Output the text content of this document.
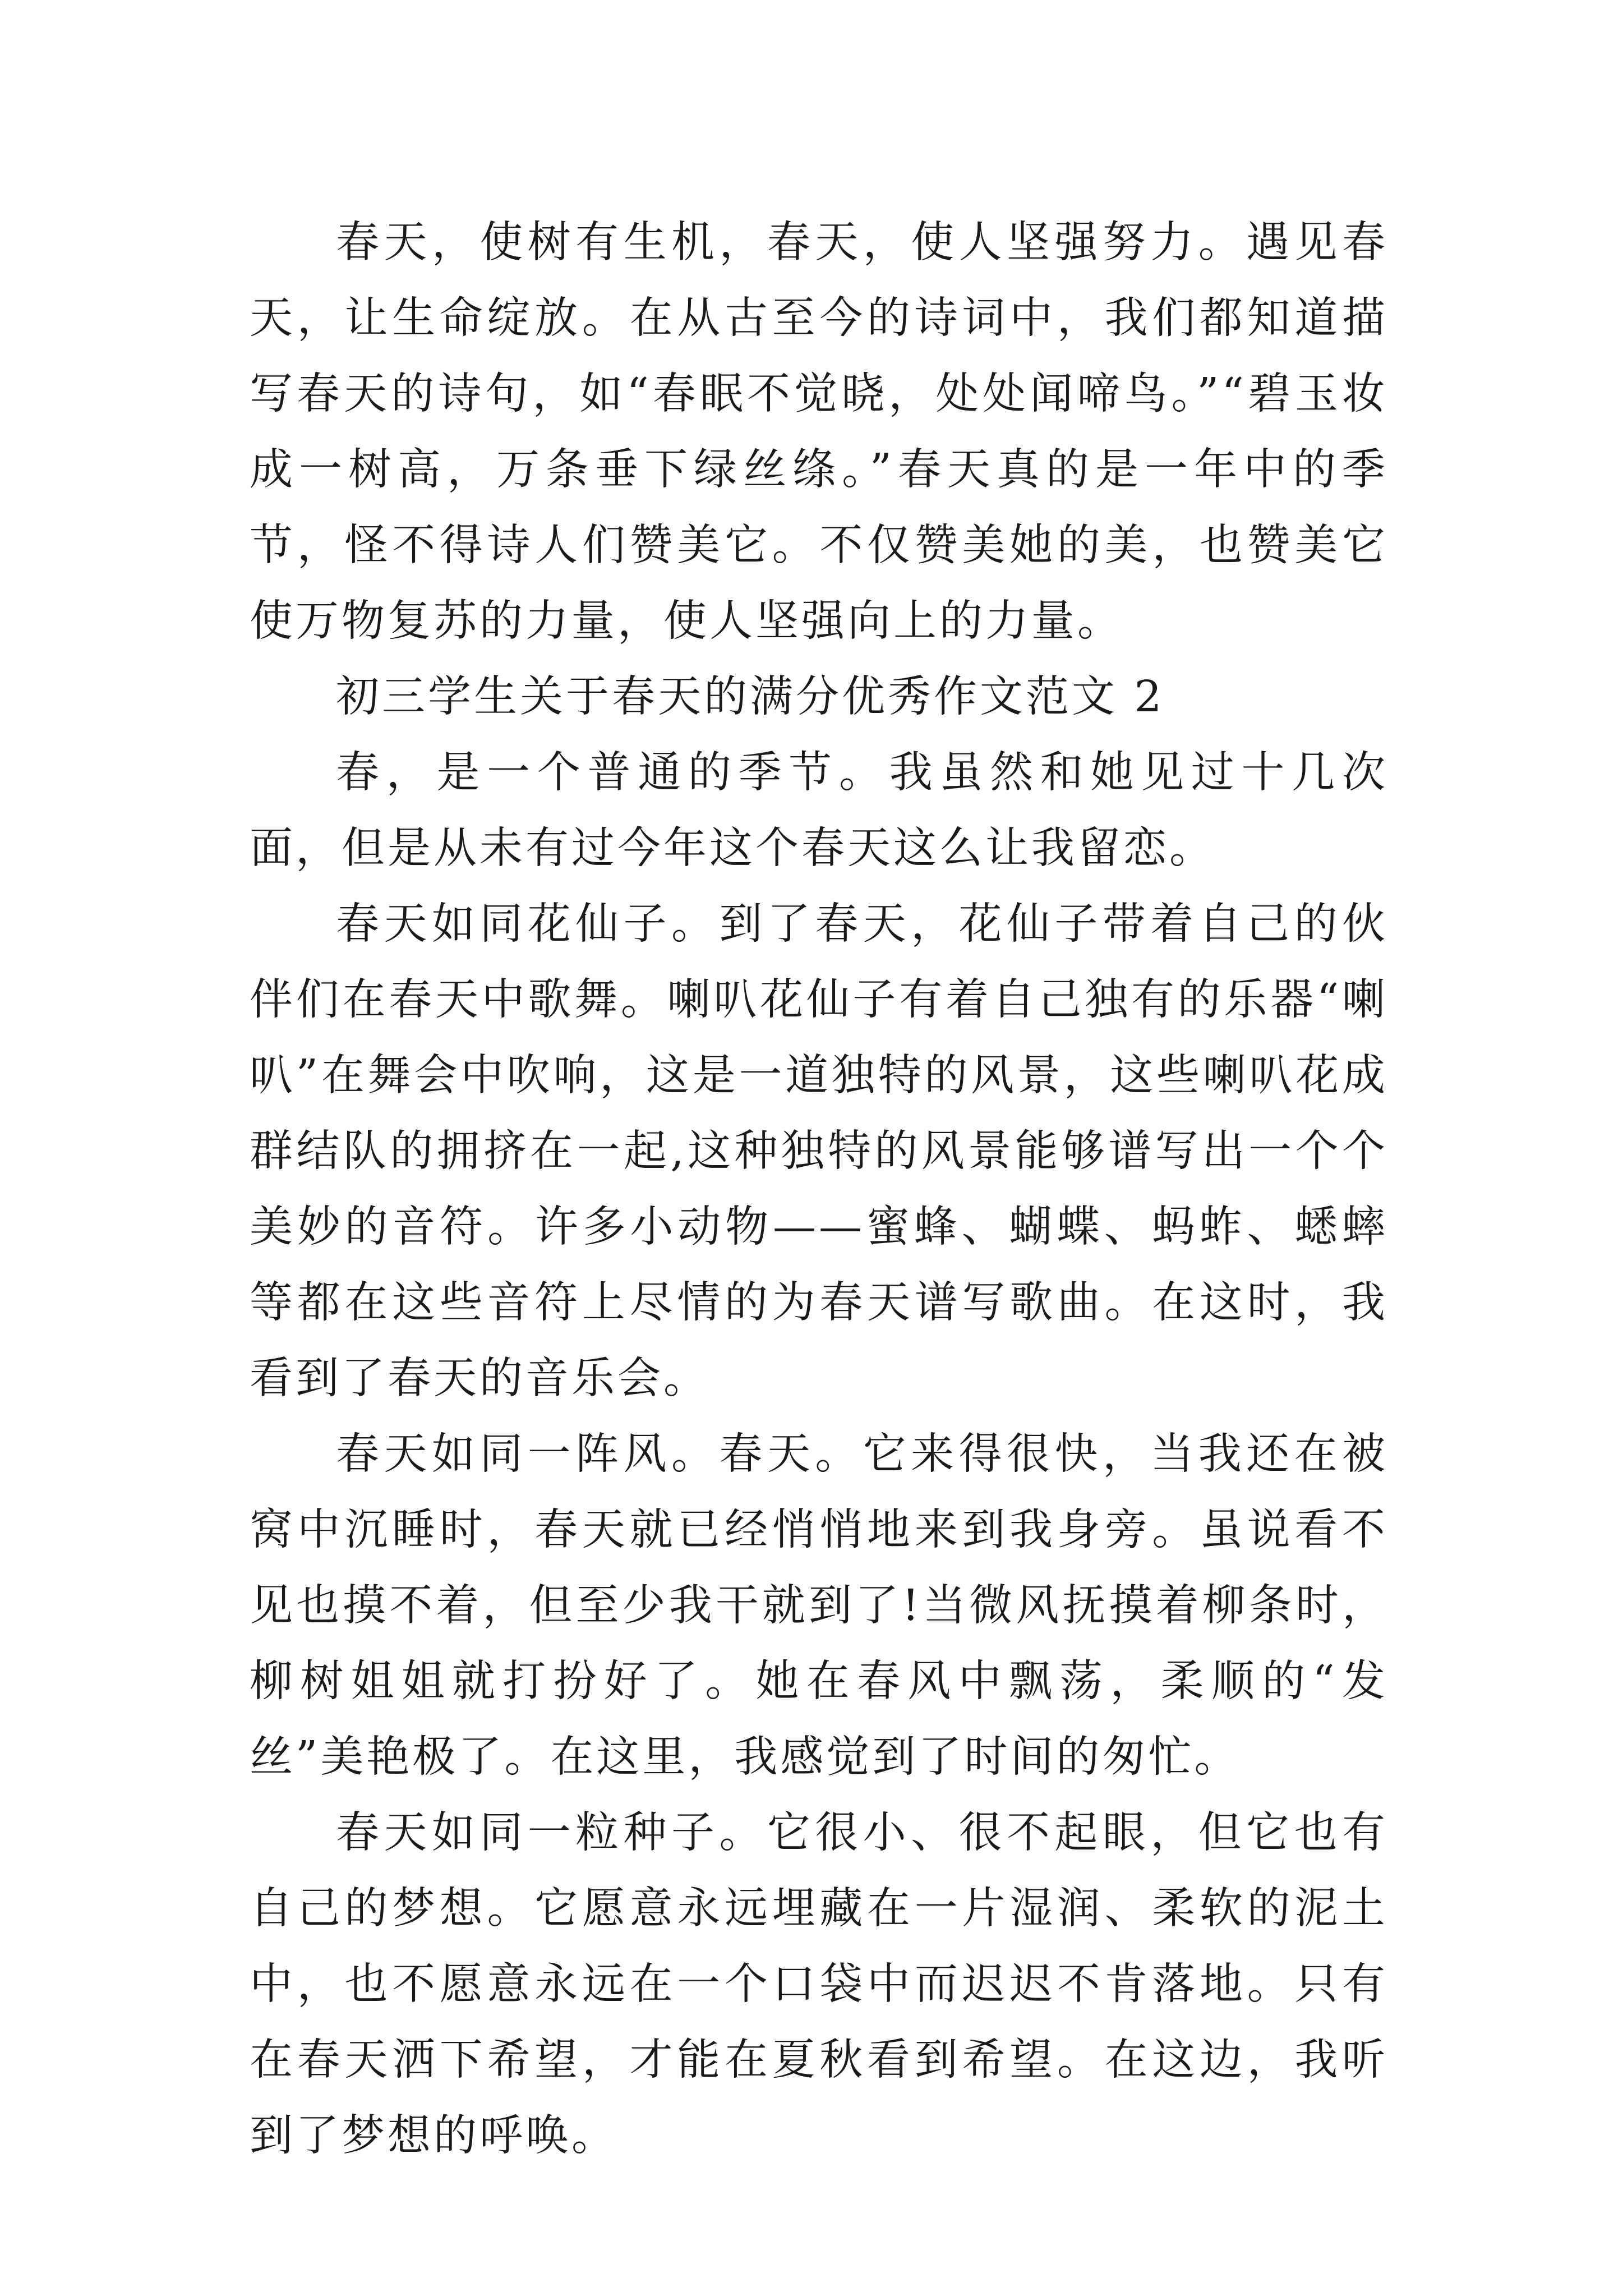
春天，使树有生机，春天，使人坚强努力。遇见春天，让生命绽放。在从古至今的诗词中，我们都知道描写春天的诗句，如“春眠不觉晓，处处闻啼鸟。”“碧玉妆成一树高，万条垂下绿丝绦。”春天真的是一年中的季节，怪不得诗人们赞美它。不仅赞美她的美，也赞美它使万物复苏的力量，使人坚强向上的力量。

初三学生关于春天的满分优秀作文范文 2

春，是一个普通的季节。我虽然和她见过十几次面，但是从未有过今年这个春天这么让我留恋。

春天如同花仙子。到了春天，花仙子带着自己的伙伴们在春天中歌舞。喇叭花仙子有着自己独有的乐器“喇叭”在舞会中吹响，这是一道独特的风景，这些喇叭花成群结队的拥挤在一起,这种独特的风景能够谱写出一个个美妙的音符。许多小动物——蜜蜂、蝴蝶、蚂蚱、蟋蟀等都在这些音符上尽情的为春天谱写歌曲。在这时，我看到了春天的音乐会。

春天如同一阵风。春天。它来得很快，当我还在被窝中沉睡时，春天就已经悄悄地来到我身旁。虽说看不见也摸不着，但至少我干就到了!当微风抚摸着柳条时，柳树姐姐就打扮好了。她在春风中飘荡，柔顺的“发丝”美艳极了。在这里，我感觉到了时间的匆忙。

春天如同一粒种子。它很小、很不起眼，但它也有自己的梦想。它愿意永远埋藏在一片湿润、柔软的泥土中，也不愿意永远在一个口袋中而迟迟不肯落地。只有在春天洒下希望，才能在夏秋看到希望。在这边，我听到了梦想的呼唤。
